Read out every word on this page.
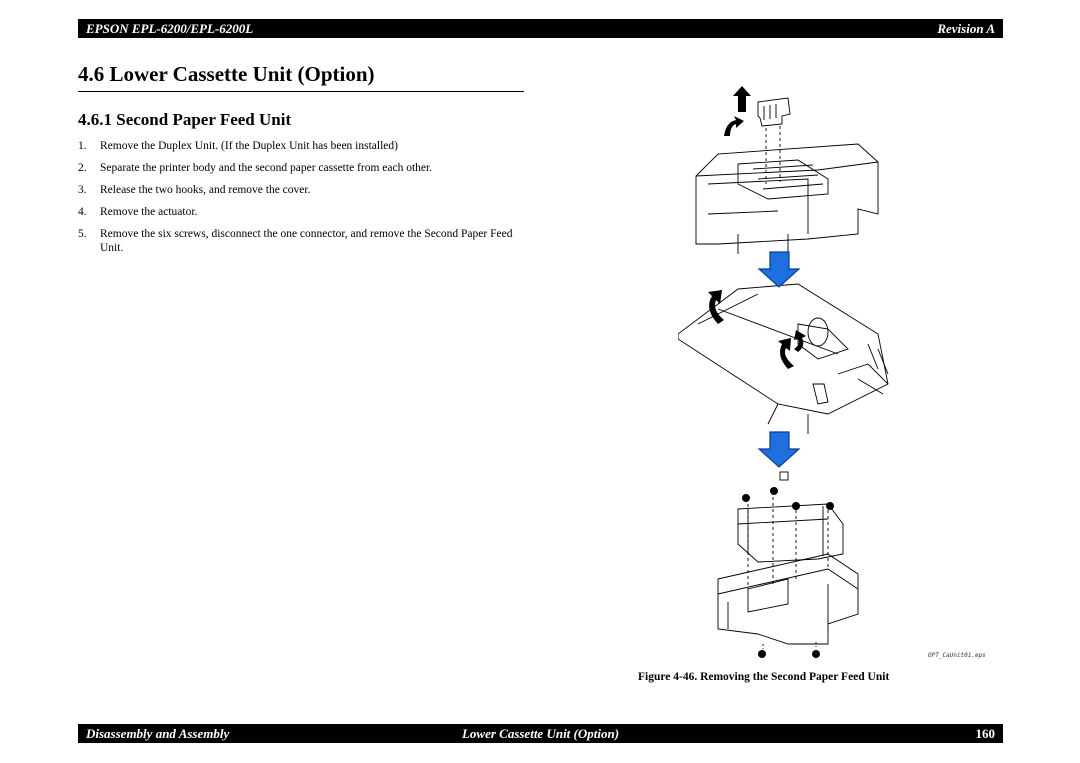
EPSON EPL-6200/EPL-6200L	Revision A
4.6 Lower Cassette Unit (Option)
4.6.1 Second Paper Feed Unit
1. Remove the Duplex Unit. (If the Duplex Unit has been installed)
2. Separate the printer body and the second paper cassette from each other.
3. Release the two hooks, and remove the cover.
4. Remove the actuator.
5. Remove the six screws, disconnect the one connector, and remove the Second Paper Feed Unit.
OPT_CaUnit01.eps
Figure 4-46. Removing the Second Paper Feed Unit
Disassembly and Assembly	Lower Cassette Unit (Option)	160
